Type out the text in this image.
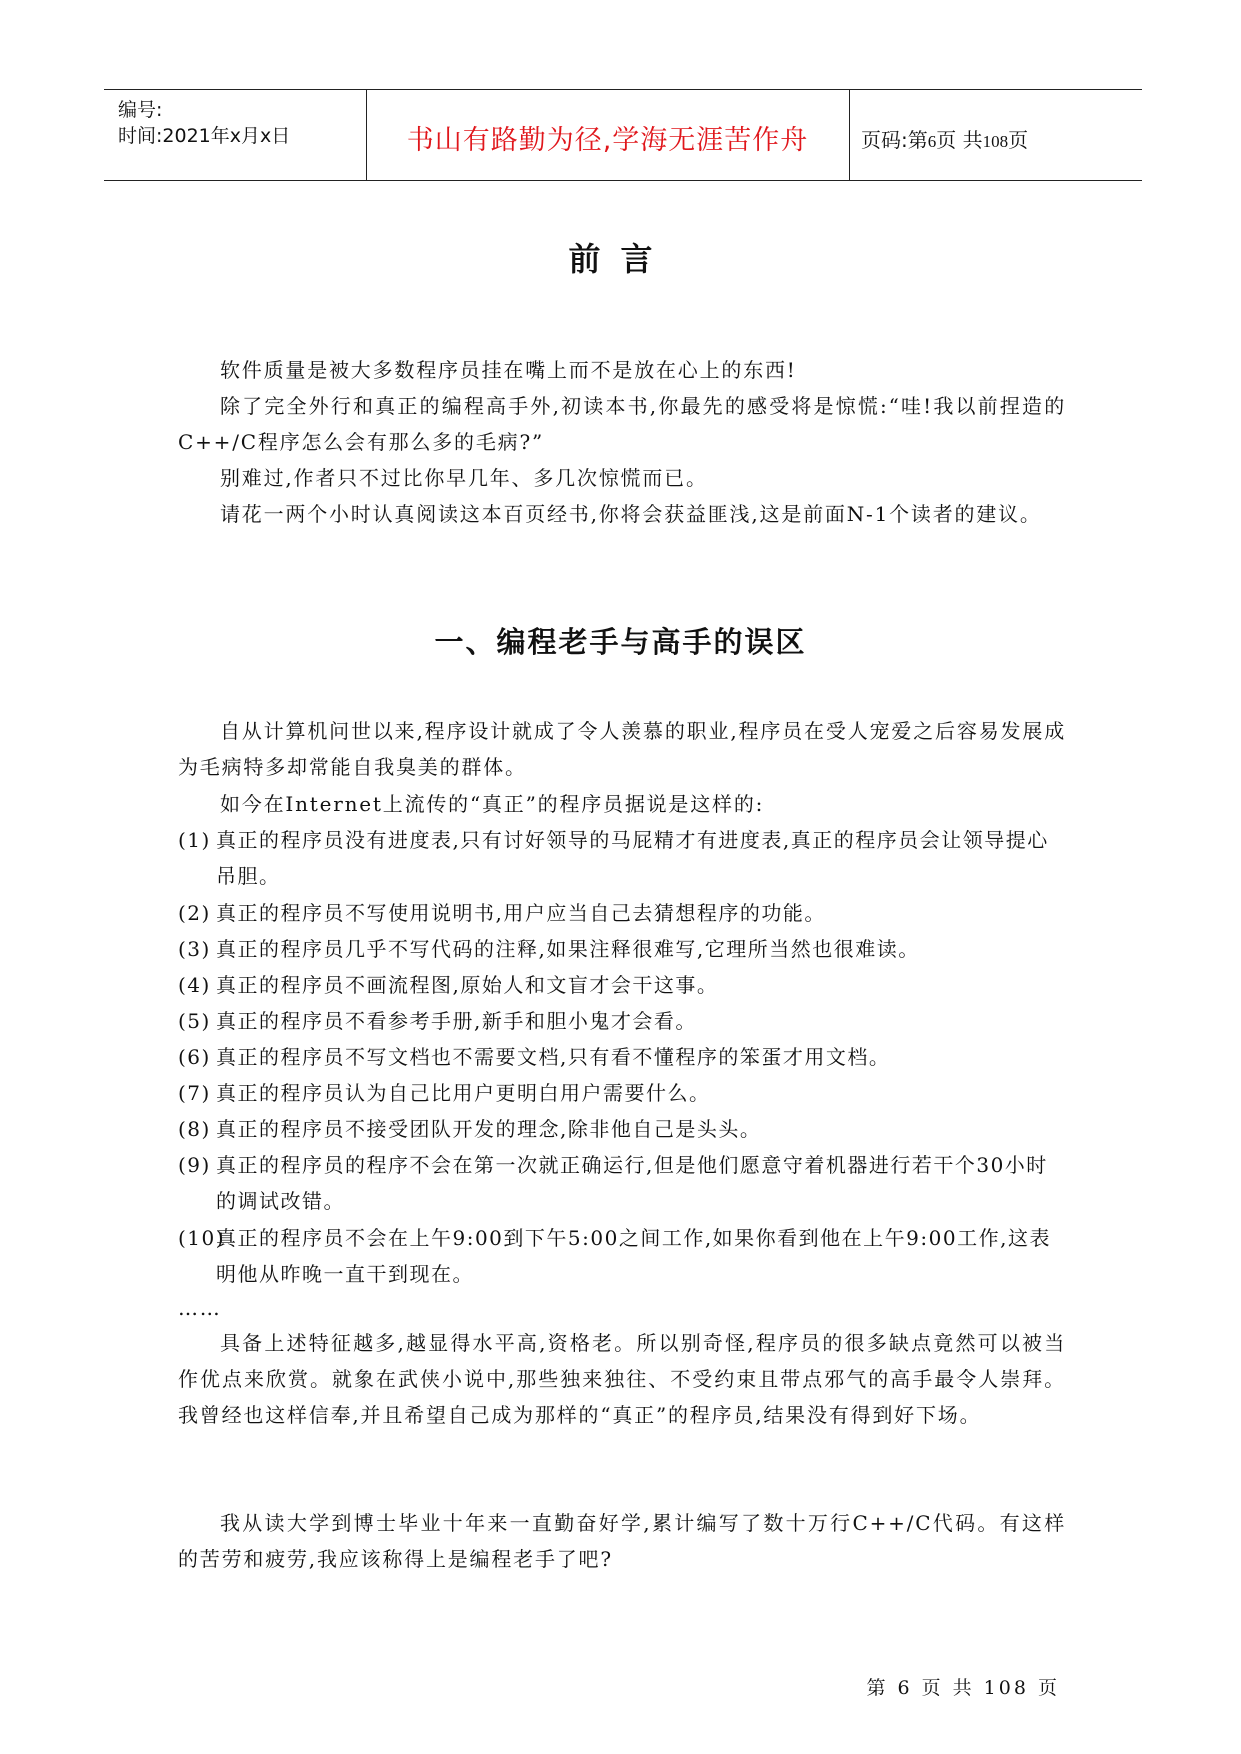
编号:
时间:2021年x月x日	书山有路勤为径,学海无涯苦作舟	页码:第6页 共108页
前言
软件质量是被大多数程序员挂在嘴上而不是放在心上的东西!
除了完全外行和真正的编程高手外,初读本书,你最先的感受将是惊慌:“哇!我以前捏造的C++/C程序怎么会有那么多的毛病?”
别难过,作者只不过比你早几年、多几次惊慌而已。
请花一两个小时认真阅读这本百页经书,你将会获益匪浅,这是前面N-1个读者的建议。
一、编程老手与高手的误区
自从计算机问世以来,程序设计就成了令人羡慕的职业,程序员在受人宠爱之后容易发展成为毛病特多却常能自我臭美的群体。
如今在Internet上流传的“真正”的程序员据说是这样的:
(1) 真正的程序员没有进度表,只有讨好领导的马屁精才有进度表,真正的程序员会让领导提心吊胆。
(2) 真正的程序员不写使用说明书,用户应当自己去猜想程序的功能。
(3) 真正的程序员几乎不写代码的注释,如果注释很难写,它理所当然也很难读。
(4) 真正的程序员不画流程图,原始人和文盲才会干这事。
(5) 真正的程序员不看参考手册,新手和胆小鬼才会看。
(6) 真正的程序员不写文档也不需要文档,只有看不懂程序的笨蛋才用文档。
(7) 真正的程序员认为自己比用户更明白用户需要什么。
(8) 真正的程序员不接受团队开发的理念,除非他自己是头头。
(9) 真正的程序员的程序不会在第一次就正确运行,但是他们愿意守着机器进行若干个30小时的调试改错。
(10)真正的程序员不会在上午9:00到下午5:00之间工作,如果你看到他在上午9:00工作,这表明他从昨晚一直干到现在。
……
具备上述特征越多,越显得水平高,资格老。所以别奇怪,程序员的很多缺点竟然可以被当作优点来欣赏。就象在武侠小说中,那些独来独往、不受约束且带点邪气的高手最令人崇拜。我曾经也这样信奉,并且希望自己成为那样的“真正”的程序员,结果没有得到好下场。
我从读大学到博士毕业十年来一直勤奋好学,累计编写了数十万行C++/C代码。有这样的苦劳和疲劳,我应该称得上是编程老手了吧?
第 6 页 共 108 页
